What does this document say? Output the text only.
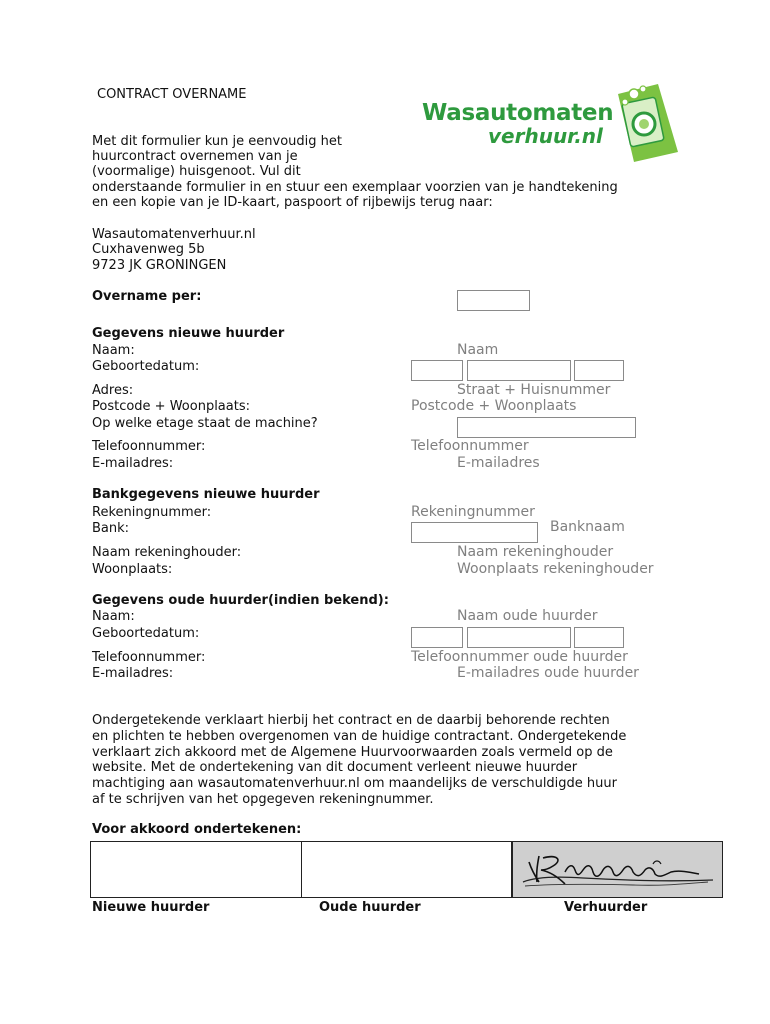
CONTRACT OVERNAME
Wasautomaten
verhuur.nl
Met dit formulier kun je eenvoudig het
huurcontract overnemen van je
(voormalige) huisgenoot. Vul dit
onderstaande formulier in en stuur een exemplaar voorzien van je handtekening
en een kopie van je ID-kaart, paspoort of rijbewijs terug naar:
Wasautomatenverhuur.nl
Cuxhavenweg 5b
9723 JK GRONINGEN
Overname per:
Gegevens nieuwe huurder
Naam:	Naam
Geboortedatum:
Adres:	Straat + Huisnummer
Postcode + Woonplaats:	Postcode + Woonplaats
Op welke etage staat de machine?
Telefoonnummer:	Telefoonnummer
E-mailadres:	E-mailadres
Bankgegevens nieuwe huurder
Rekeningnummer:	Rekeningnummer
Bank:	Banknaam
Naam rekeninghouder:	Naam rekeninghouder
Woonplaats:	Woonplaats rekeninghouder
Gegevens oude huurder(indien bekend):
Naam:	Naam oude huurder
Geboortedatum:
Telefoonnummer:	Telefoonnummer oude huurder
E-mailadres:	E-mailadres oude huurder
Ondergetekende verklaart hierbij het contract en de daarbij behorende rechten
en plichten te hebben overgenomen van de huidige contractant. Ondergetekende
verklaart zich akkoord met de Algemene Huurvoorwaarden zoals vermeld op de
website. Met de ondertekening van dit document verleent nieuwe huurder
machtiging aan wasautomatenverhuur.nl om maandelijks de verschuldigde huur
af te schrijven van het opgegeven rekeningnummer.
Voor akkoord ondertekenen:
Nieuwe huurder	Oude huurder	Verhuurder
